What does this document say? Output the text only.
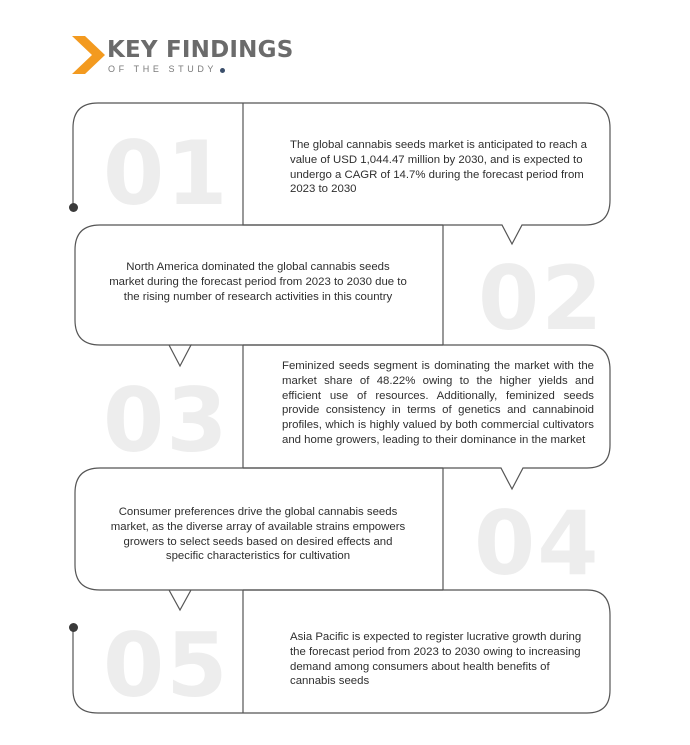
KEY FINDINGS
OF THE STUDY
01
02
03
04
05
The global cannabis seeds market is anticipated to reach a value of USD 1,044.47 million by 2030, and is expected to undergo a CAGR of 14.7% during the forecast period from 2023 to 2030
North America dominated the global cannabis seeds market during the forecast period from 2023 to 2030 due to the rising number of research activities in this country
Feminized seeds segment is dominating the market with the market share of 48.22% owing to the higher yields and efficient use of resources. Additionally, feminized seeds provide consistency in terms of genetics and cannabinoid profiles, which is highly valued by both commercial cultivators and home growers, leading to their dominance in the market
Consumer preferences drive the global cannabis seeds market, as the diverse array of available strains empowers growers to select seeds based on desired effects and specific characteristics for cultivation
Asia Pacific is expected to register lucrative growth during the forecast period from 2023 to 2030 owing to increasing demand among consumers about health benefits of cannabis seeds
